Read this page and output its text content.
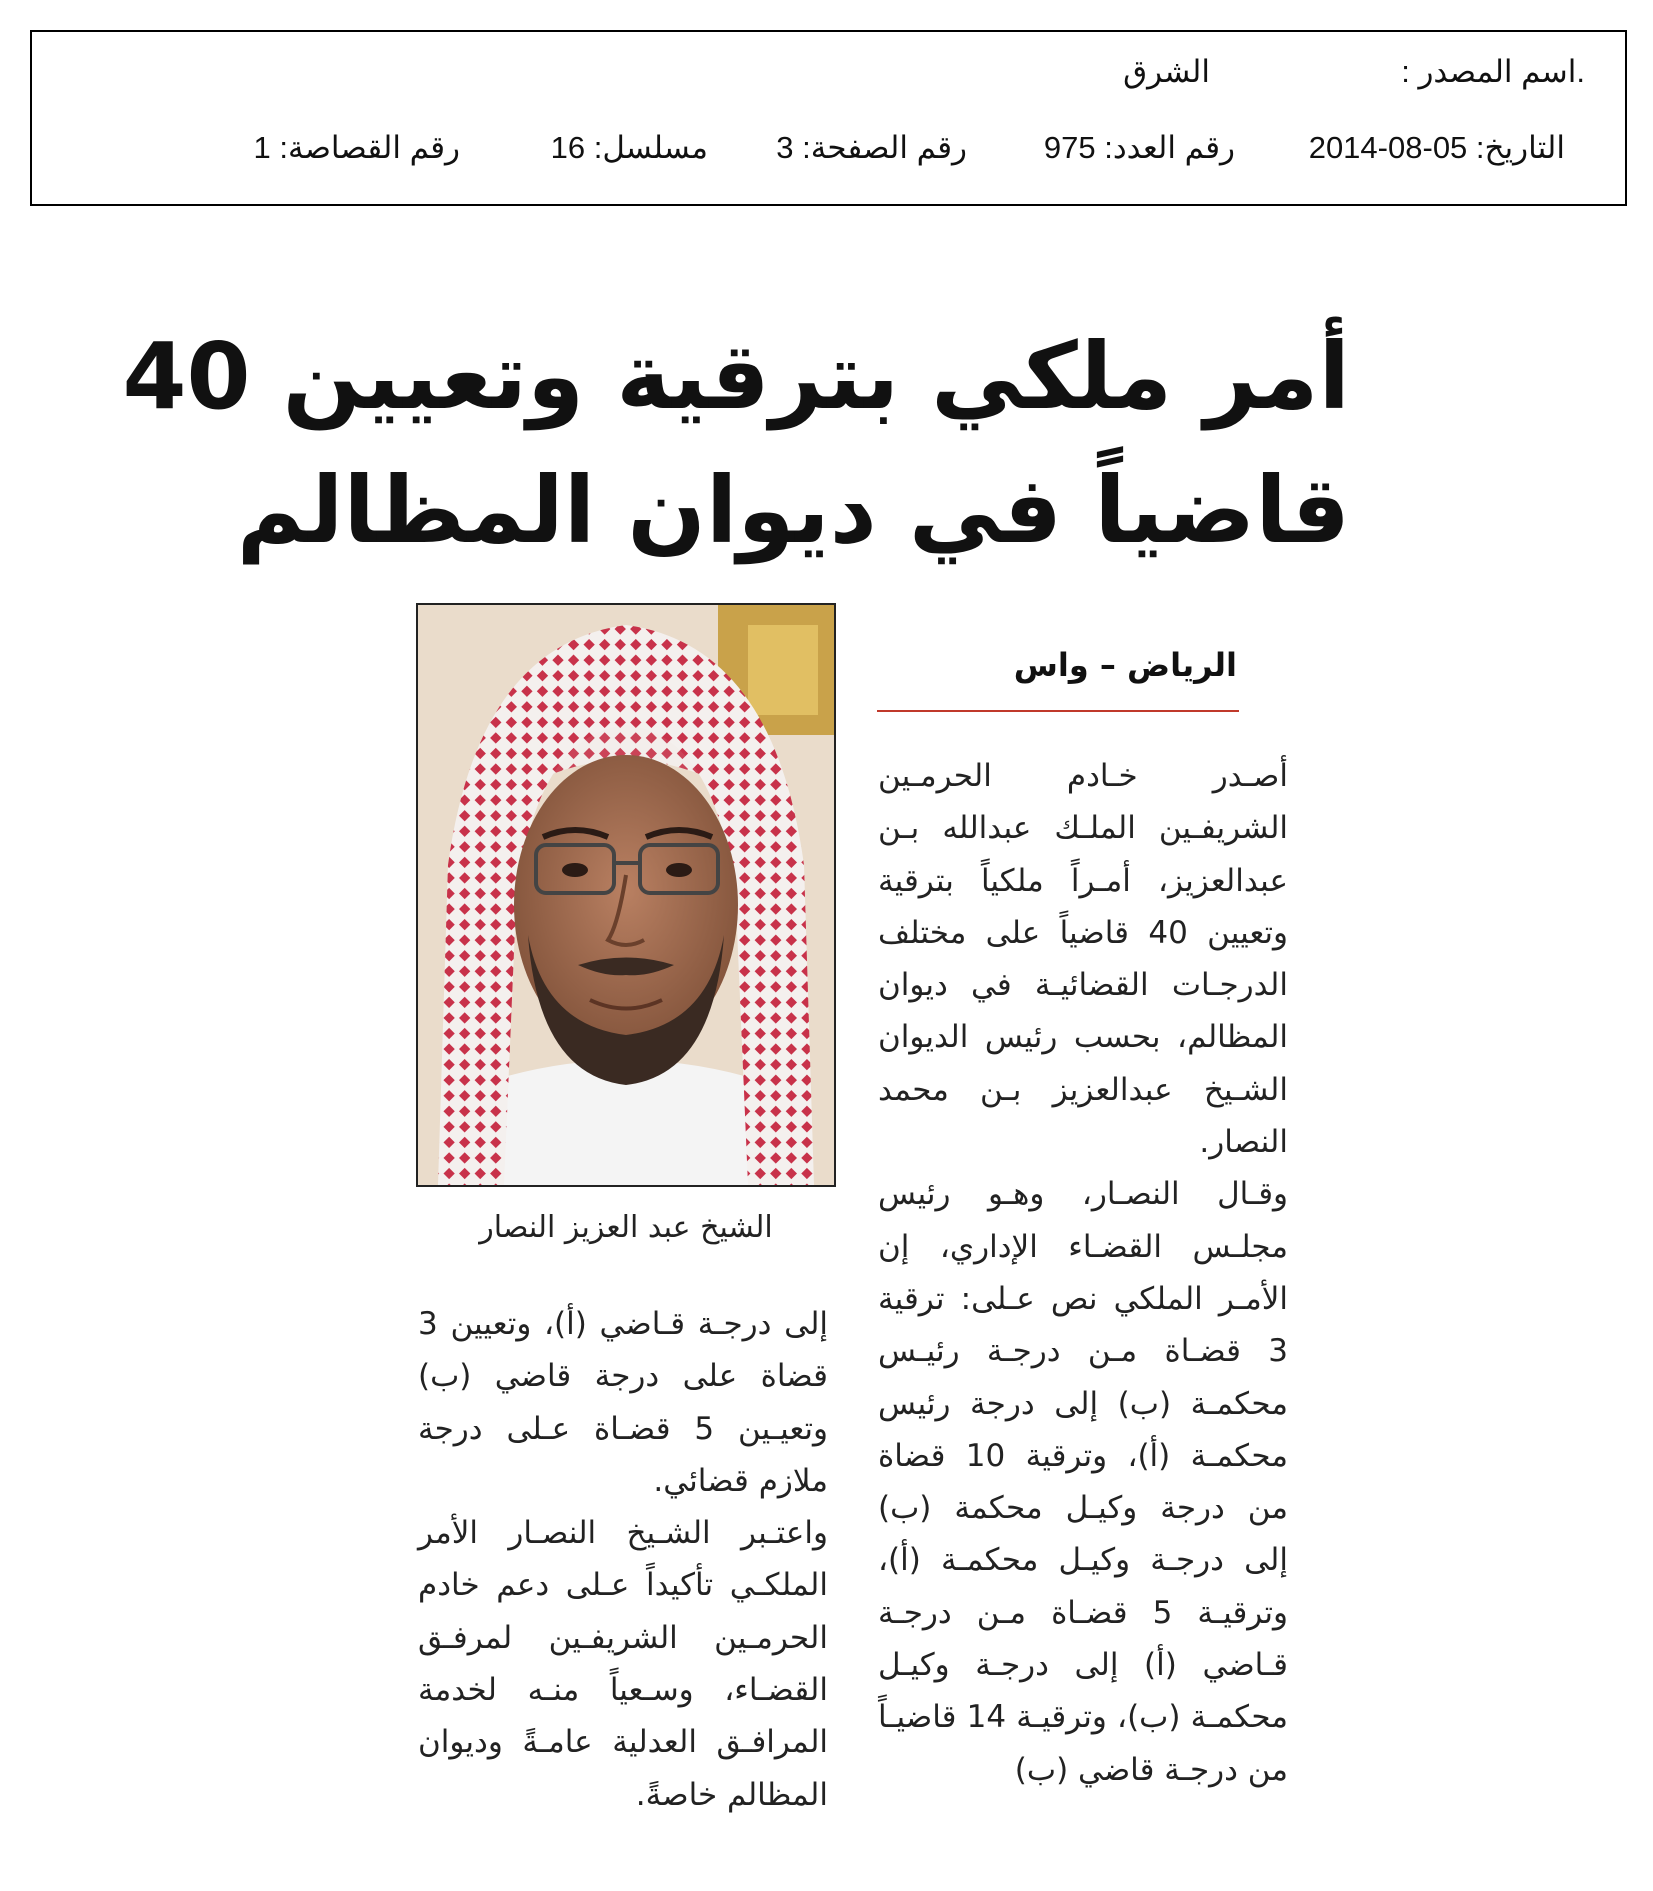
.اسم المصدر :
الشرق
التاريخ: 05-08-2014
رقم العدد: 975
رقم الصفحة: 3
مسلسل: 16
رقم القصاصة: 1
أمر ملكي بترقية وتعيين 40
قاضياً في ديوان المظالم
الرياض – واس

أصـدر خـادم الحرمـين الشريفـين الملـك عبدالله بـن عبدالعزيز، أمـراً ملكياً بترقية وتعيين 40 قاضياً على مختلف الدرجـات القضائيـة في ديوان المظالم، بحسب رئيس الديوان الشـيخ عبدالعزيز بـن محمد النصار.

وقـال النصـار، وهـو رئيس مجلـس القضـاء الإداري، إن الأمـر الملكي نص عـلى: ترقية 3 قضـاة مـن درجـة رئيـس محكمـة (ب) إلى درجة رئيس محكمـة (أ)، وترقية 10 قضاة من درجة وكيـل محكمة (ب) إلى درجـة وكيـل محكمـة (أ)، وترقيـة 5 قضـاة مـن درجـة قـاضي (أ) إلى درجـة وكيـل محكمـة (ب)، وترقيـة 14 قاضيـاً من درجـة قاضي (ب)

الشيخ عبد العزيز النصار

إلى درجـة قـاضي (أ)، وتعيين 3 قضاة على درجة قاضي (ب) وتعيـين 5 قضـاة عـلى درجة ملازم قضائي.

واعتـبر الشـيخ النصـار الأمر الملكـي تأكيداً عـلى دعم خادم الحرمـين الشريفـين لمرفـق القضـاء، وسـعياً منـه لخدمة المرافـق العدلية عامـةً وديوان المظالم خاصةً.
